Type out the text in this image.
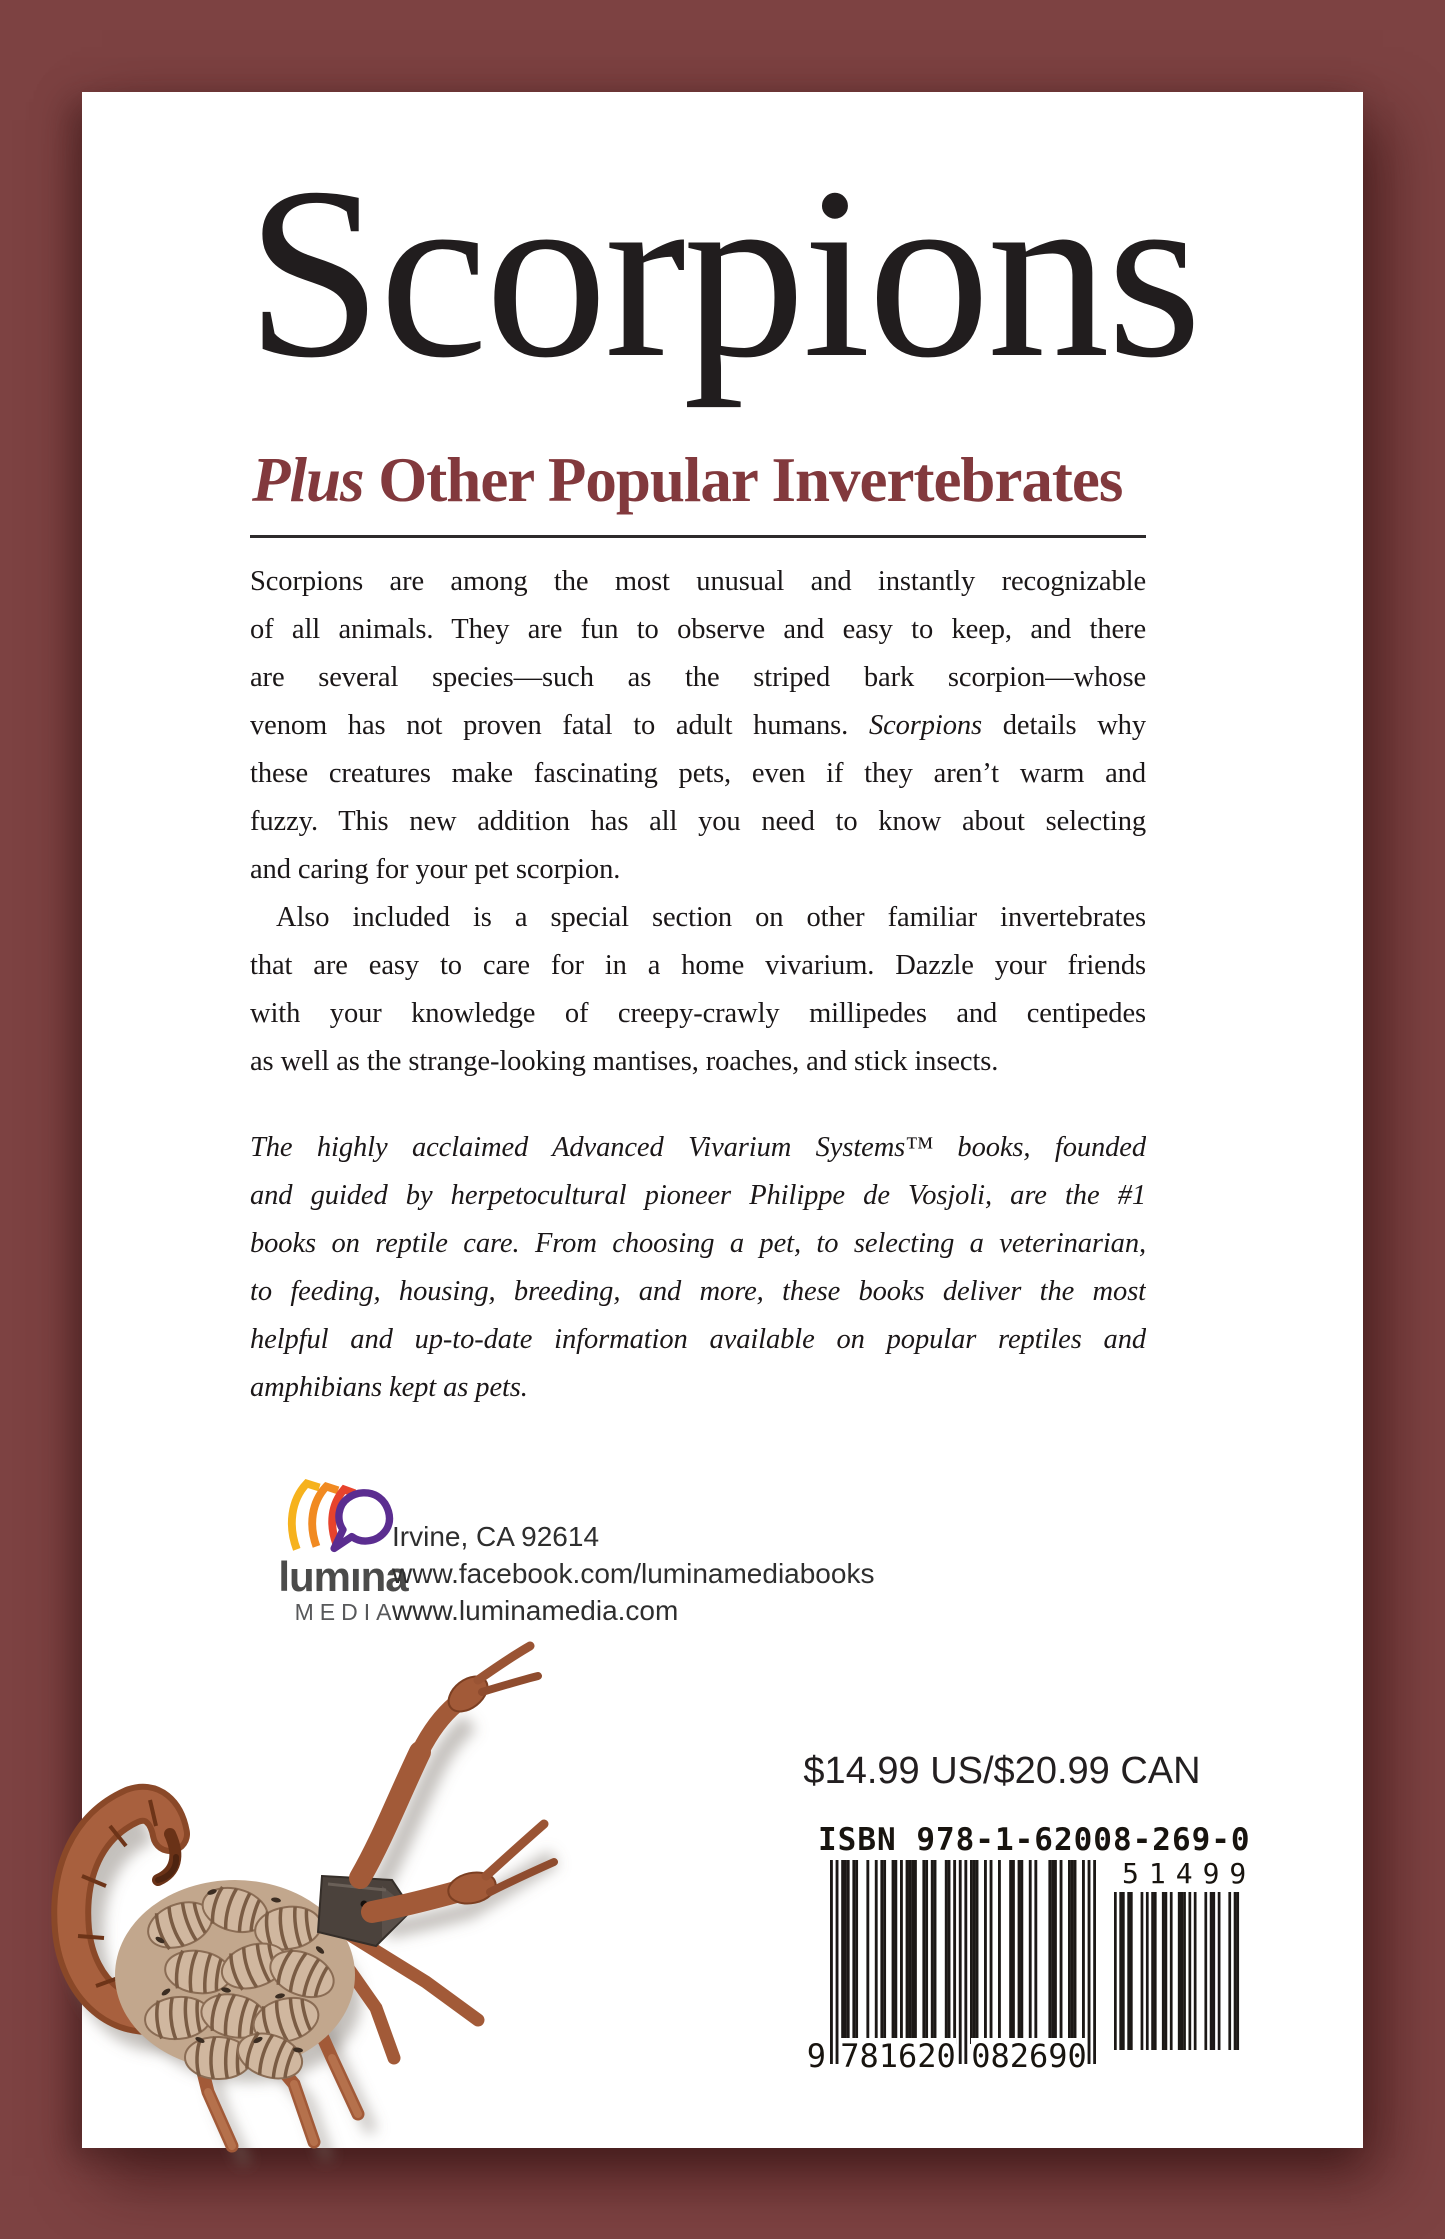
Scorpions
Plus Other Popular Invertebrates
Scorpions are among the most unusual and instantly recognizable
of all animals. They are fun to observe and easy to keep, and there
are several species—such as the striped bark scorpion—whose
venom has not proven fatal to adult humans. Scorpions details why
these creatures make fascinating pets, even if they aren’t warm and
fuzzy. This new addition has all you need to know about selecting
and caring for your pet scorpion.
Also included is a special section on other familiar invertebrates
that are easy to care for in a home vivarium. Dazzle your friends
with your knowledge of creepy-crawly millipedes and centipedes
as well as the strange-looking mantises, roaches, and stick insects.
The highly acclaimed Advanced Vivarium Systems™ books, founded
and guided by herpetocultural pioneer Philippe de Vosjoli, are the #1
books on reptile care. From choosing a pet, to selecting a veterinarian,
to feeding, housing, breeding, and more, these books deliver the most
helpful and up-to-date information available on popular reptiles and
amphibians kept as pets.
lumına
MEDIA
Irvine, CA 92614
www.facebook.com/luminamediabooks
www.luminamedia.com
$14.99 US/$20.99 CAN
ISBN 978-1-62008-269-0
9 781620 082690
51499
